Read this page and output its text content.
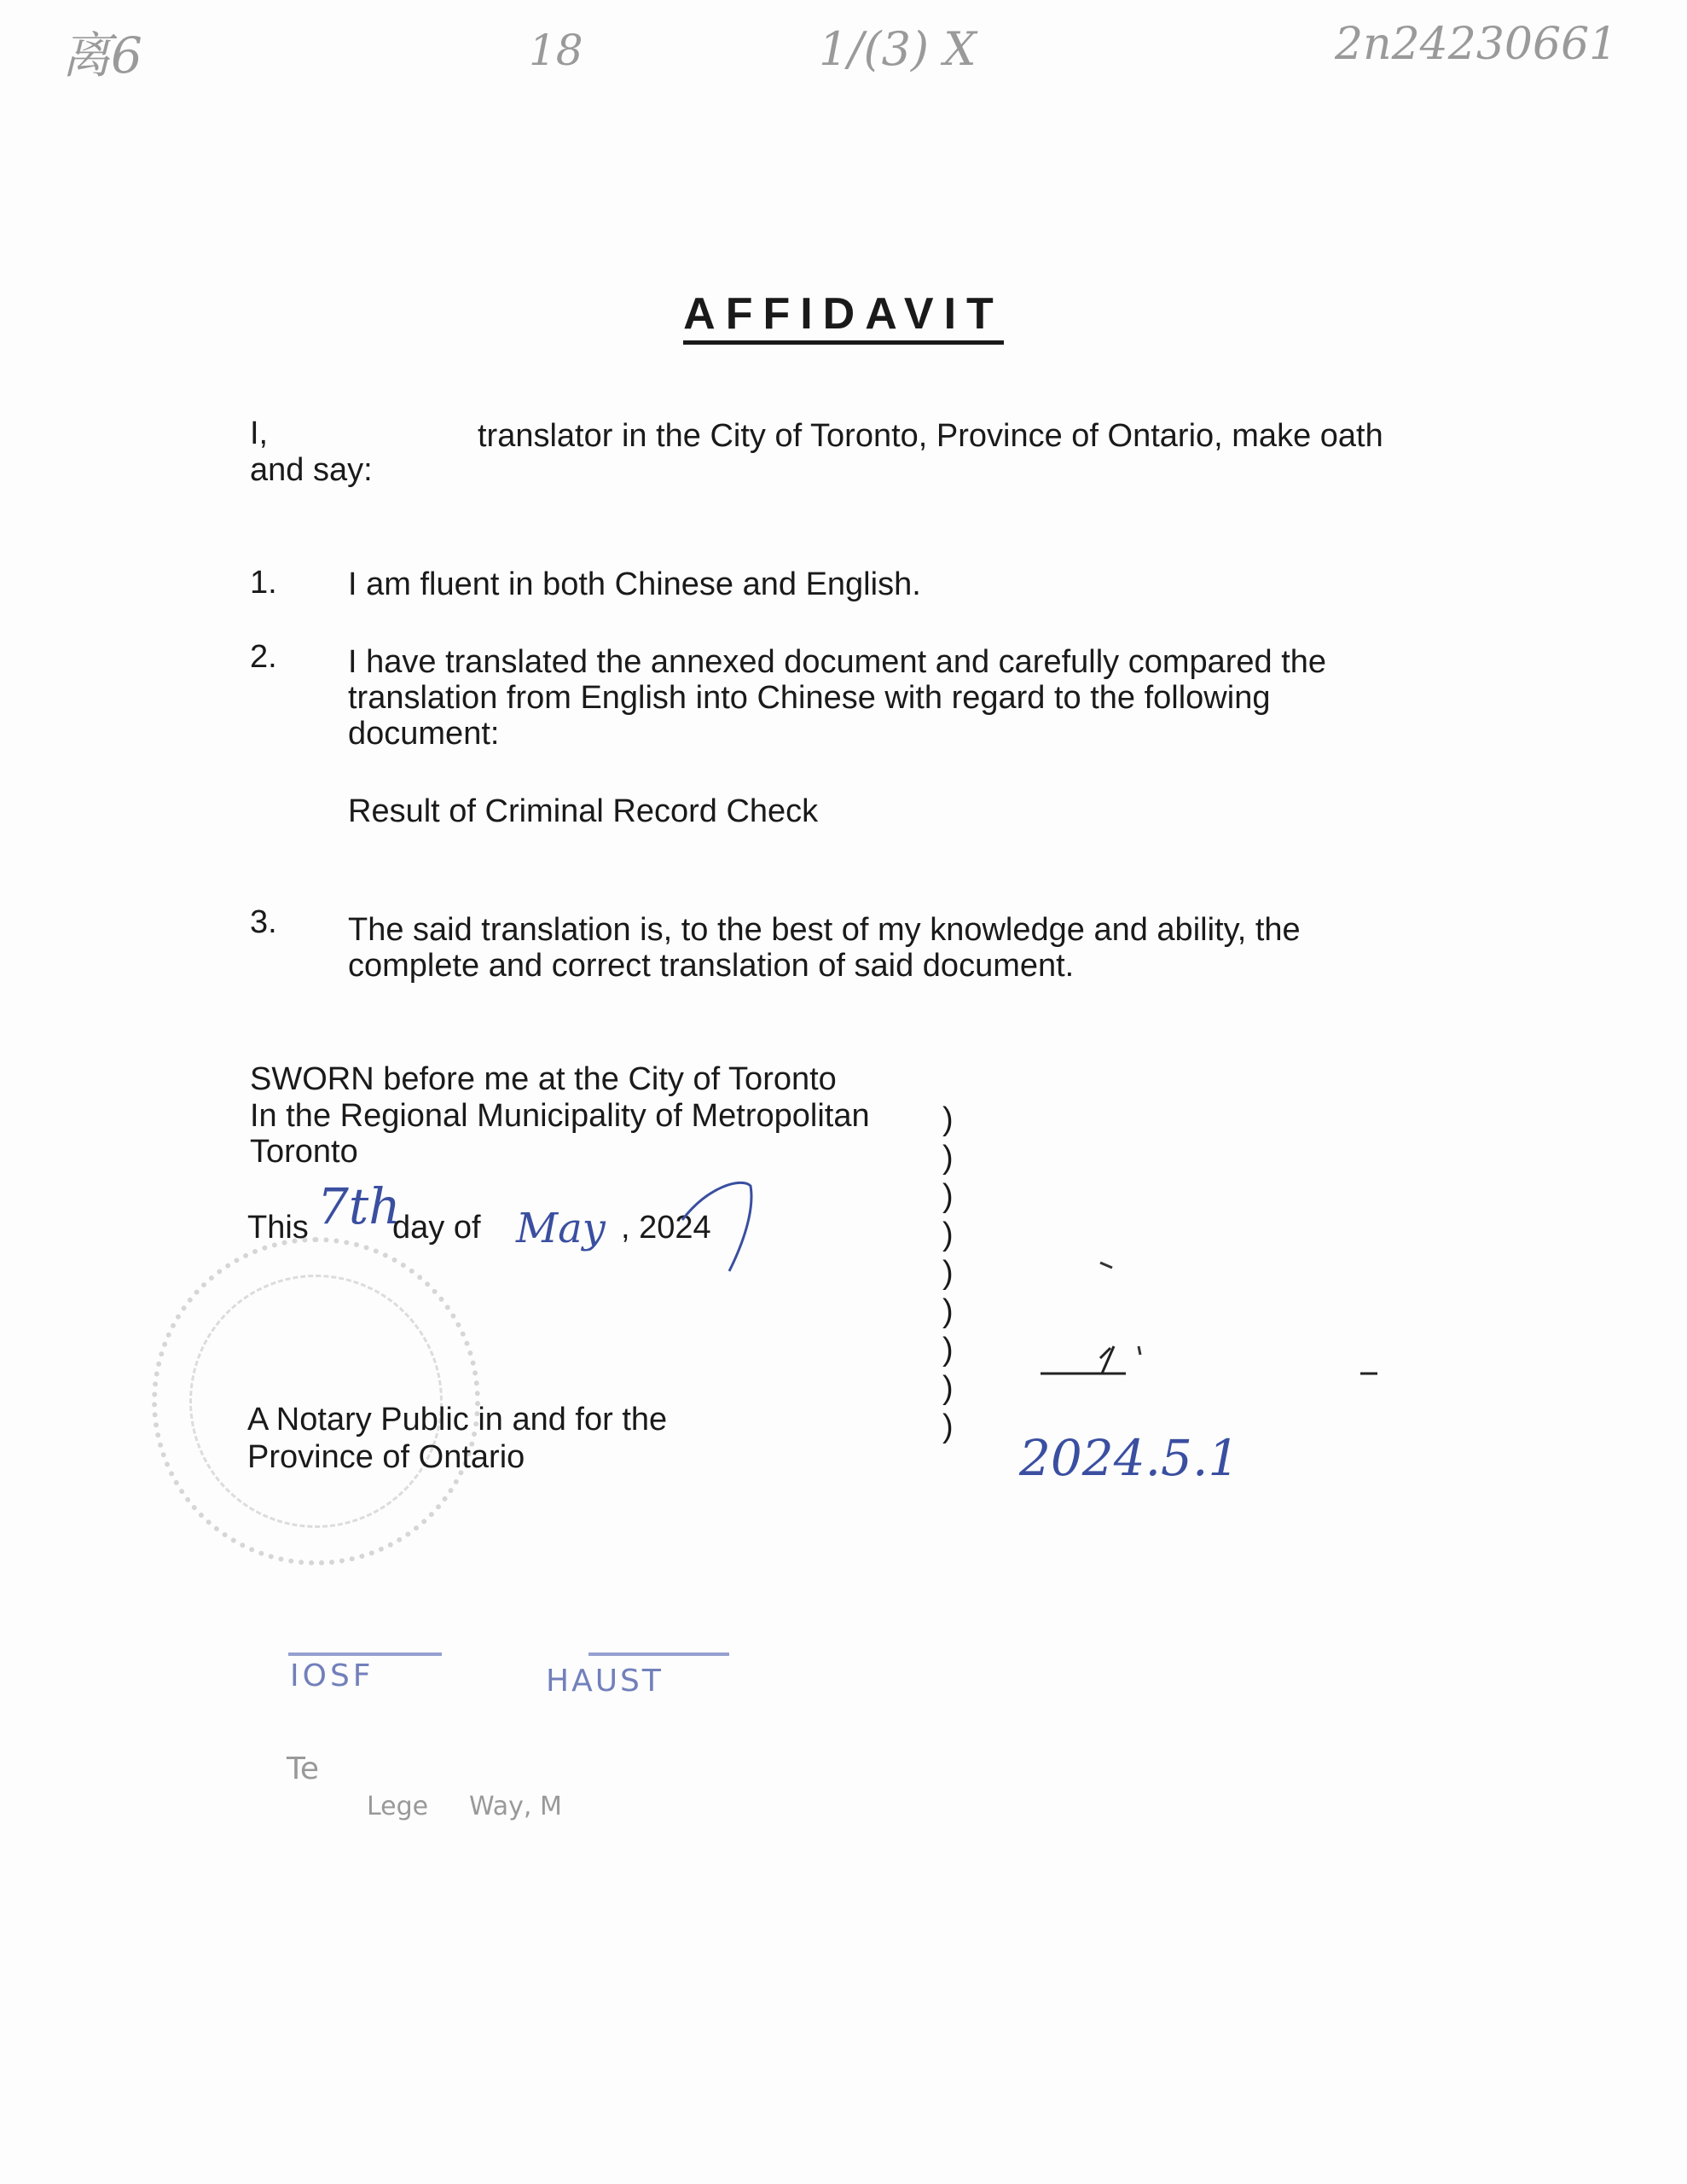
离6	18	1/(3) X	2n24230661
AFFIDAVIT
I,	translator in the City of Toronto, Province of Ontario, make oath
and say:
1. I am fluent in both Chinese and English.
2. I have translated the annexed document and carefully compared the
translation from English into Chinese with regard to the following
document:
Result of Criminal Record Check
3. The said translation is, to the best of my knowledge and ability, the
complete and correct translation of said document.
SWORN before me at the City of Toronto
In the Regional Municipality of Metropolitan
Toronto
This 7th
day of May , 2024
A Notary Public in and for the
Province of Ontario
)
)
)
)
)
)
)
)
)
2024.5.1
IOSF	HAUST
Te
Lege Way, M
